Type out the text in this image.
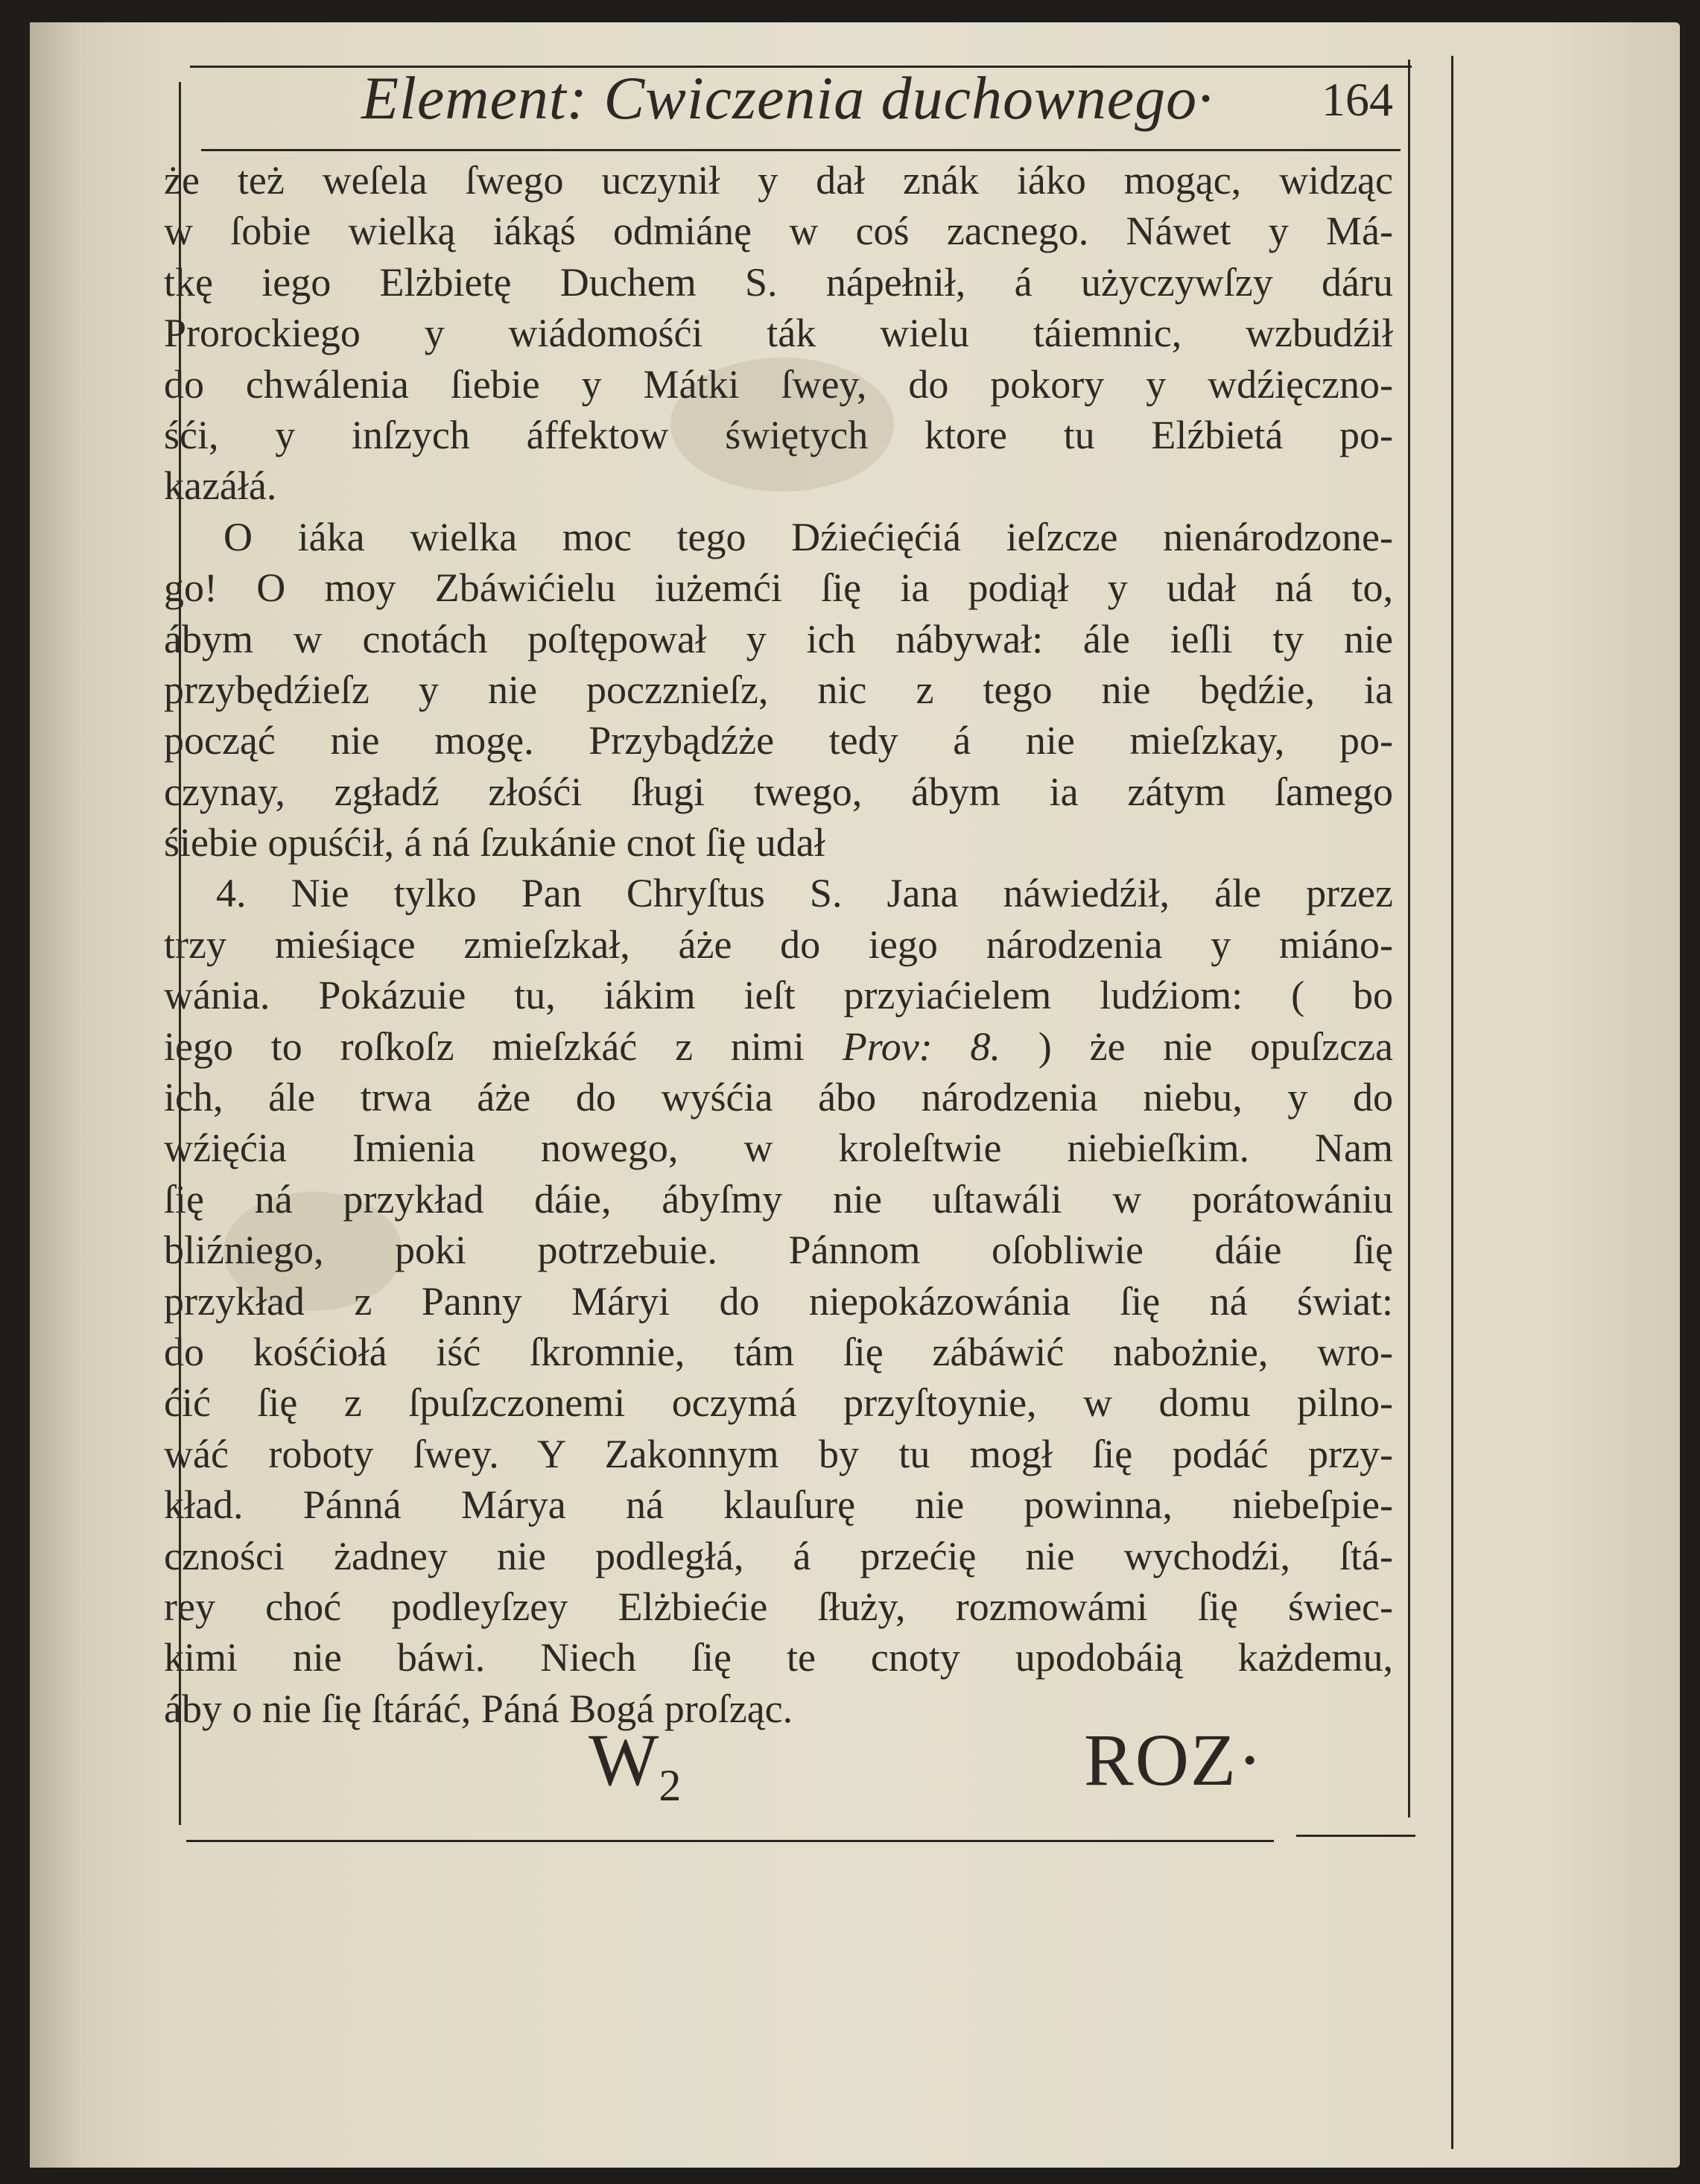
Element: Cwiczenia duchownego· 164
że też weſela ſwego uczynił y dał znák iáko mogąc, widząc
w ſobie wielką iákąś odmiánę w coś zacnego. Náwet y Má-
tkę iego Elżbietę Duchem S. nápełnił, á użyczywſzy dáru
Prorockiego y wiádomośći ták wielu táiemnic, wzbudźił
do chwálenia ſiebie y Mátki ſwey, do pokory y wdźięczno-
śći, y inſzych áffektow świętych ktore tu Elźbietá po-
kazáłá.
O iáka wielka moc tego Dźiećięćiá ieſzcze nienárodzone-
go! O moy Zbáwićielu iużemći ſię ia podiął y udał ná to,
ábym w cnotách poſtępował y ich nábywał: ále ieſli ty nie
przybędźieſz y nie poczznieſz, nic z tego nie będźie, ia
począć nie mogę. Przybądźże tedy á nie mieſzkay, po-
czynay, zgładź złośći ſługi twego, ábym ia zátym ſamego
śiebie opuśćił, á ná ſzukánie cnot ſię udał
4. Nie tylko Pan Chryſtus S. Jana náwiedźił, ále przez
trzy mieśiące zmieſzkał, áże do iego národzenia y miáno-
wánia. Pokázuie tu, iákim ieſt przyiaćielem ludźiom: ( bo
iego to roſkoſz mieſzkáć z nimi Prov: 8. ) że nie opuſzcza
ich, ále trwa áże do wyśćia ábo národzenia niebu, y do
wźięćia Imienia nowego, w kroleſtwie niebieſkim. Nam
ſię ná przykład dáie, ábyſmy nie uſtawáli w porátowániu
bliźniego, poki potrzebuie. Pánnom oſobliwie dáie ſię
przykład z Panny Máryi do niepokázowánia ſię ná świat:
do kośćiołá iść ſkromnie, tám ſię zábáwić nabożnie, wro-
ćić ſię z ſpuſzczonemi oczymá przyſtoynie, w domu pilno-
wáć roboty ſwey. Y Zakonnym by tu mogł ſię podáć przy-
kład. Pánná Márya ná klauſurę nie powinna, niebeſpie-
czności żadney nie podległá, á przećię nie wychodźi, ſtá-
rey choć podleyſzey Elżbiećie ſłuży, rozmowámi ſię świec-
kimi nie báwi. Niech ſię te cnoty upodobáią każdemu,
áby o nie ſię ſtáráć, Páná Bogá proſząc.
$W_2$	ROZ·
